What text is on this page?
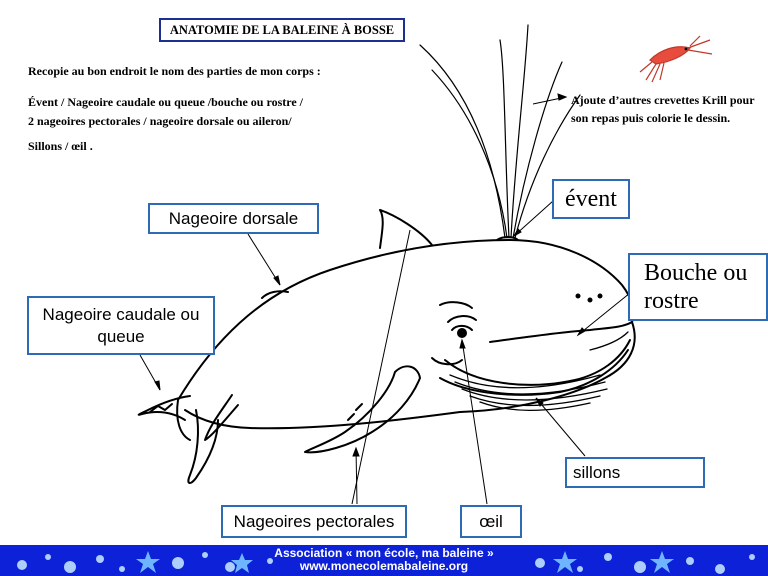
ANATOMIE DE LA BALEINE À BOSSE
Recopie au bon endroit le nom des parties de mon corps :
Évent / Nageoire caudale ou queue /bouche ou rostre /
2 nageoires pectorales / nageoire dorsale ou aileron/
Sillons / œil .
Ajoute d’autres crevettes Krill pour
son repas puis colorie le dessin.
Nageoire dorsale
Nageoire caudale ou
queue
évent
Bouche ou
rostre
sillons
Nageoires pectorales	œil
Association « mon école, ma baleine »
www.monecolemabaleine.org
